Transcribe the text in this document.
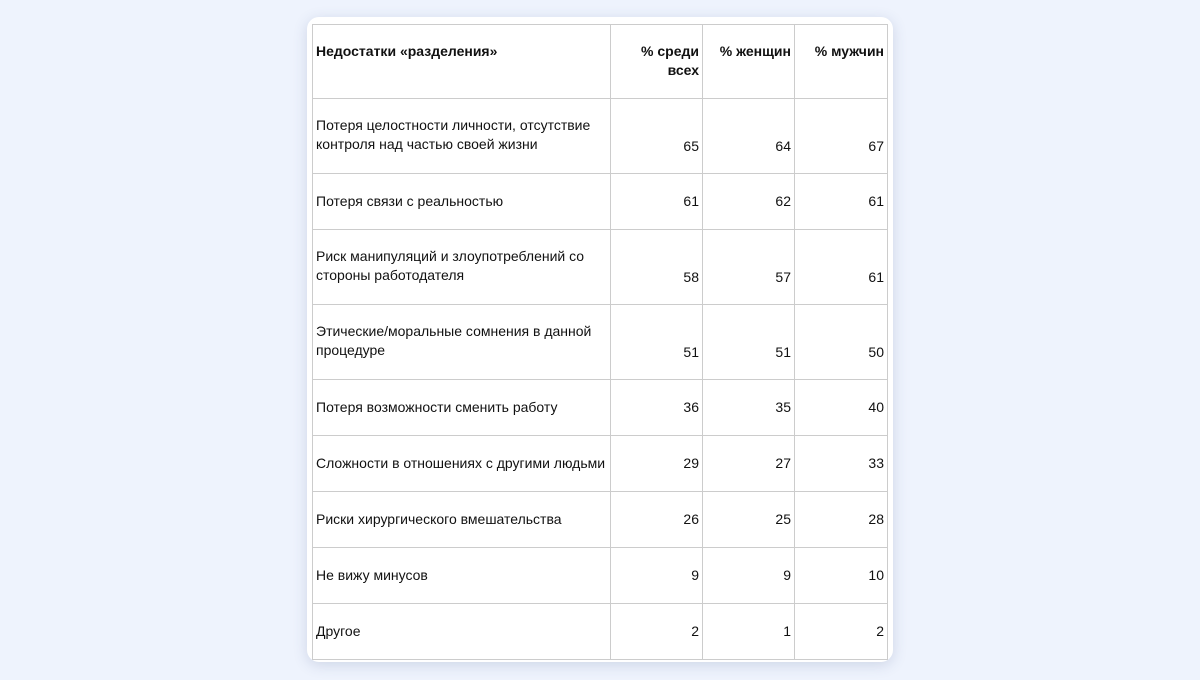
Недостатки «разделения»	% среди всех	% женщин	% мужчин
Потеря целостности личности, отсутствие контроля над частью своей жизни	65	64	67
Потеря связи с реальностью	61	62	61
Риск манипуляций и злоупотреблений со стороны работодателя	58	57	61
Этические/моральные сомнения в данной процедуре	51	51	50
Потеря возможности сменить работу	36	35	40
Сложности в отношениях с другими людьми	29	27	33
Риски хирургического вмешательства	26	25	28
Не вижу минусов	9	9	10
Другое	2	1	2
